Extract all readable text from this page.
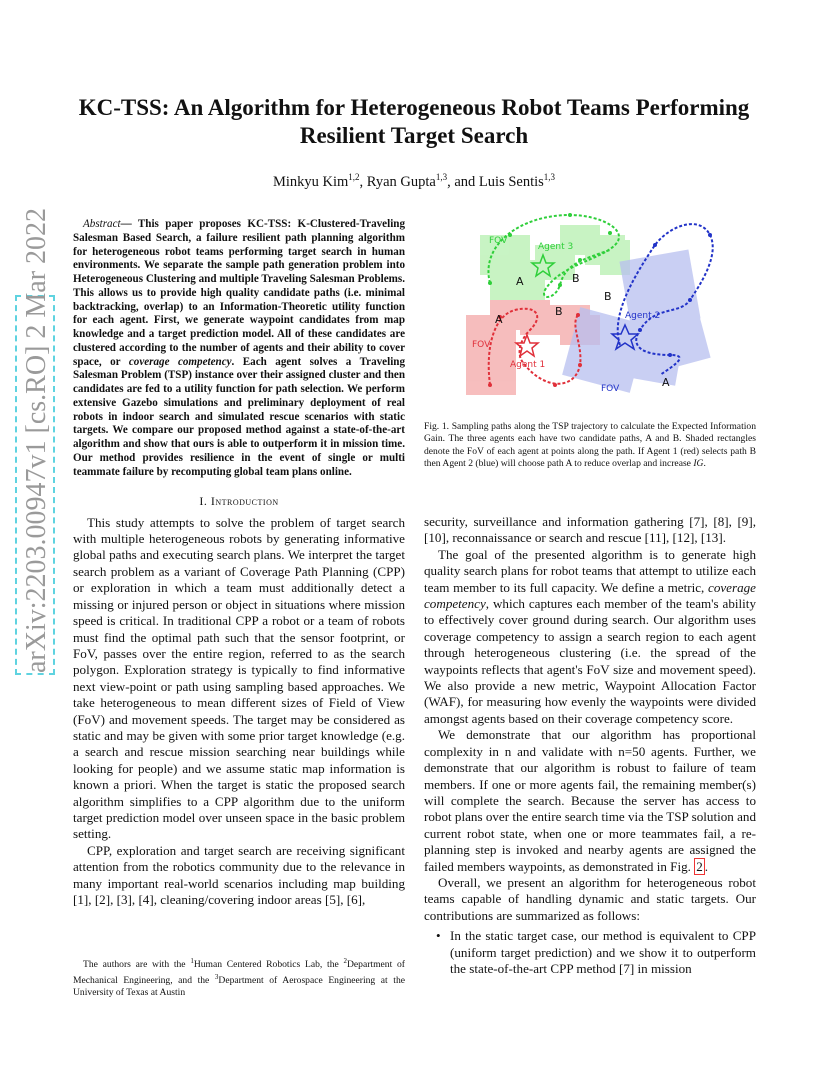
arXiv:2203.00947v1 [cs.RO] 2 Mar 2022
KC-TSS: An Algorithm for Heterogeneous Robot Teams Performing Resilient Target Search
Minkyu Kim$^{1,2}$, Ryan Gupta$^{1,3}$, and Luis Sentis$^{1,3}$
Abstract— This paper proposes KC-TSS: K-Clustered-Traveling Salesman Based Search, a failure resilient path planning algorithm for heterogeneous robot teams performing target search in human environments. We separate the sample path generation problem into Heterogeneous Clustering and multiple Traveling Salesman Problems. This allows us to provide high quality candidate paths (i.e. minimal backtracking, overlap) to an Information-Theoretic utility function for each agent. First, we generate waypoint candidates from map knowledge and a target prediction model. All of these candidates are clustered according to the number of agents and their ability to cover space, or coverage competency. Each agent solves a Traveling Salesman Problem (TSP) instance over their assigned cluster and then candidates are fed to a utility function for path selection. We perform extensive Gazebo simulations and preliminary deployment of real robots in indoor search and simulated rescue scenarios with static targets. We compare our proposed method against a state-of-the-art algorithm and show that ours is able to outperform it in mission time. Our method provides resilience in the event of single or multi teammate failure by recomputing global team plans online.
I. Introduction

This study attempts to solve the problem of target search with multiple heterogeneous robots by generating informative global paths and executing search plans. We interpret the target search problem as a variant of Coverage Path Planning (CPP) or exploration in which a team must additionally detect a missing or injured person or object in situations where mission speed is critical. In traditional CPP a robot or a team of robots must find the optimal path such that the sensor footprint, or FoV, passes over the entire region, referred to as the search polygon. Exploration strategy is typically to find informative next view-point or path using sampling based approaches. We take heterogeneous to mean different sizes of Field of View (FoV) and movement speeds. The target may be considered as static and may be given with some prior target knowledge (e.g. a search and rescue mission searching near buildings while looking for people) and we assume static map information is known a priori. When the target is static the proposed search algorithm simplifies to a CPP algorithm due to the uniform target prediction model over unseen space in the basic problem setting.

CPP, exploration and target search are receiving significant attention from the robotics community due to the relevance in many important real-world scenarios including map building [1], [2], [3], [4], cleaning/covering indoor areas [5], [6],

The authors are with the $^1$Human Centered Robotics Lab, the $^2$Department of Mechanical Engineering, and the $^3$Department of Aerospace Engineering at the University of Texas at Austin
FOV
Agent 3
FOV
Agent 1
Agent 2
FOV
A	B
A
B
B
A
Fig. 1. Sampling paths along the TSP trajectory to calculate the Expected Information Gain. The three agents each have two candidate paths, A and B. Shaded rectangles denote the FoV of each agent at points along the path. If Agent 1 (red) selects path B then Agent 2 (blue) will choose path A to reduce overlap and increase IG.
security, surveillance and information gathering [7], [8], [9], [10], reconnaissance or search and rescue [11], [12], [13].

The goal of the presented algorithm is to generate high quality search plans for robot teams that attempt to utilize each team member to its full capacity. We define a metric, coverage competency, which captures each member of the team's ability to effectively cover ground during search. Our algorithm uses coverage competency to assign a search region to each agent through heterogeneous clustering (i.e. the spread of the waypoints reflects that agent's FoV size and movement speed). We also provide a new metric, Waypoint Allocation Factor (WAF), for measuring how evenly the waypoints were divided amongst agents based on their coverage competency score.

We demonstrate that our algorithm has proportional complexity in n and validate with n=50 agents. Further, we demonstrate that our algorithm is robust to failure of team members. If one or more agents fail, the remaining member(s) will complete the search. Because the server has access to robot plans over the entire search time via the TSP solution and current robot state, when one or more teammates fail, a re-planning step is invoked and nearby agents are assigned the failed members waypoints, as demonstrated in Fig. 2 .

Overall, we present an algorithm for heterogeneous robot teams capable of handling dynamic and static targets. Our contributions are summarized as follows:

• In the static target case, our method is equivalent to CPP (uniform target prediction) and we show it to outperform the state-of-the-art CPP method [7] in mission
